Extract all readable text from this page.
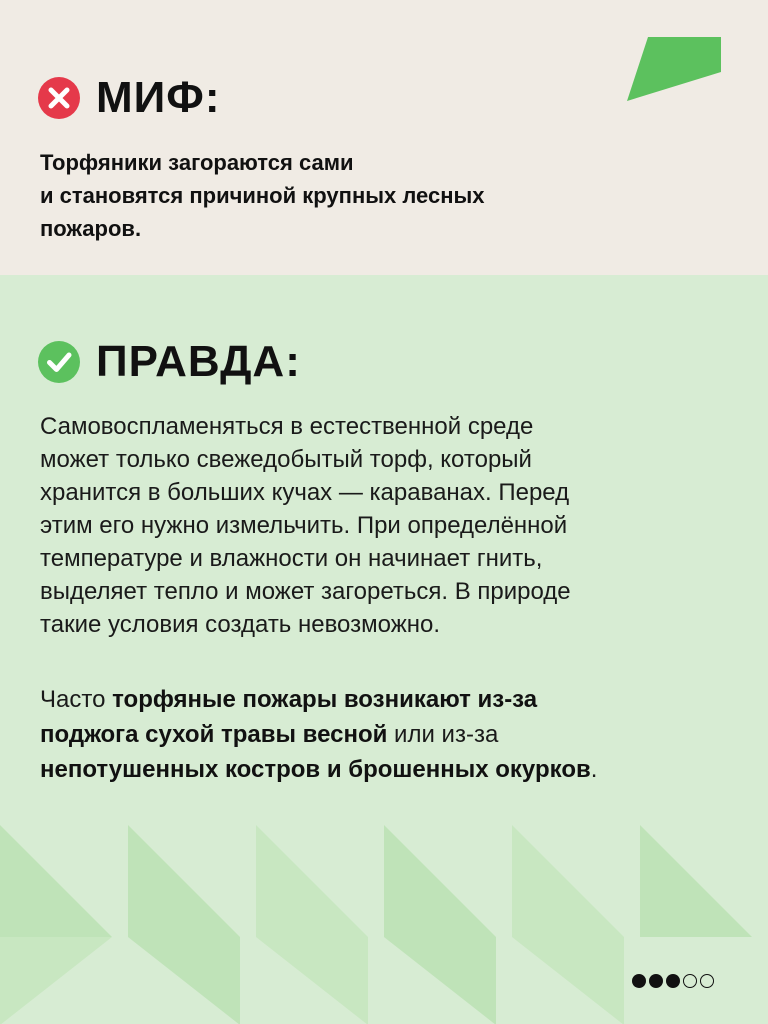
МИФ:

Торфяники загораются сами
и становятся причиной крупных лесных
пожаров.

ПРАВДА:

Самовоспламеняться в естественной среде
может только свежедобытый торф, который
хранится в больших кучах — караванах. Перед
этим его нужно измельчить. При определённой
температуре и влажности он начинает гнить,
выделяет тепло и может загореться. В природе
такие условия создать невозможно.

Часто торфяные пожары возникают из-за
поджога сухой травы весной или из-за
непотушенных костров и брошенных окурков.
